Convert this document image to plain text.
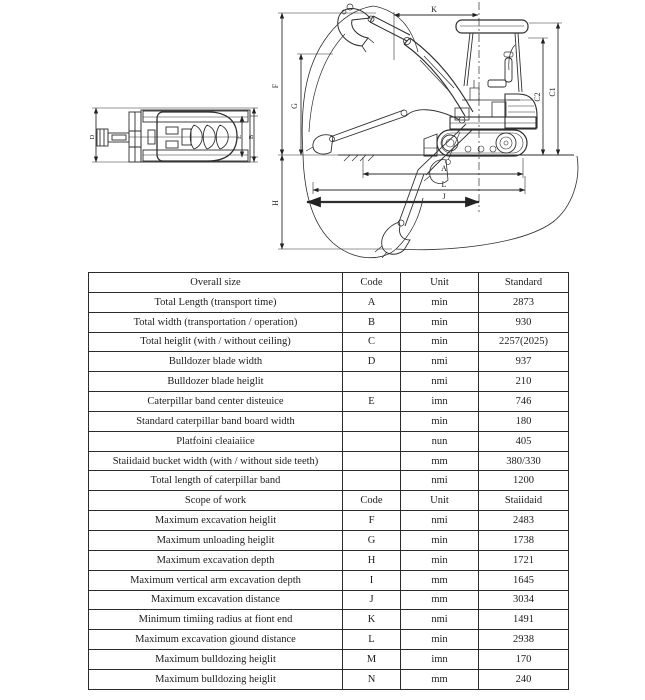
D	E B
K
C1
C2
F
G
H
A
L
J
Overall size	Code	Unit	Standard
Total Length (transport time)	A	min	2873
Total width (transportation / operation)	B	min	930
Total heiglit (with / without ceiling)	C	min	2257(2025)
Bulldozer blade width	D	nmi	937
Bulldozer blade heiglit		nmi	210
Caterpillar band center disteuice	E	imn	746
Standard caterpillar band board width		min	180
Platfoini cleaiaiice		nun	405
Staiidaid bucket width (with / without side teeth)		mm	380/330
Total length of caterpillar band		nmi	1200
Scope of work	Code	Unit	Staiidaid
Maximum excavation heiglit	F	nmi	2483
Maximum unloading heiglit	G	min	1738
Maximum excavation depth	H	min	1721
Maximum vertical arm excavation depth	I	mm	1645
Maximum excavation distance	J	mm	3034
Minimum timiing radius at fiont end	K	nmi	1491
Maximum excavation giound distance	L	min	2938
Maximum bulldozing heiglit	M	imn	170
Maximum bulldozing heiglit	N	mm	240
